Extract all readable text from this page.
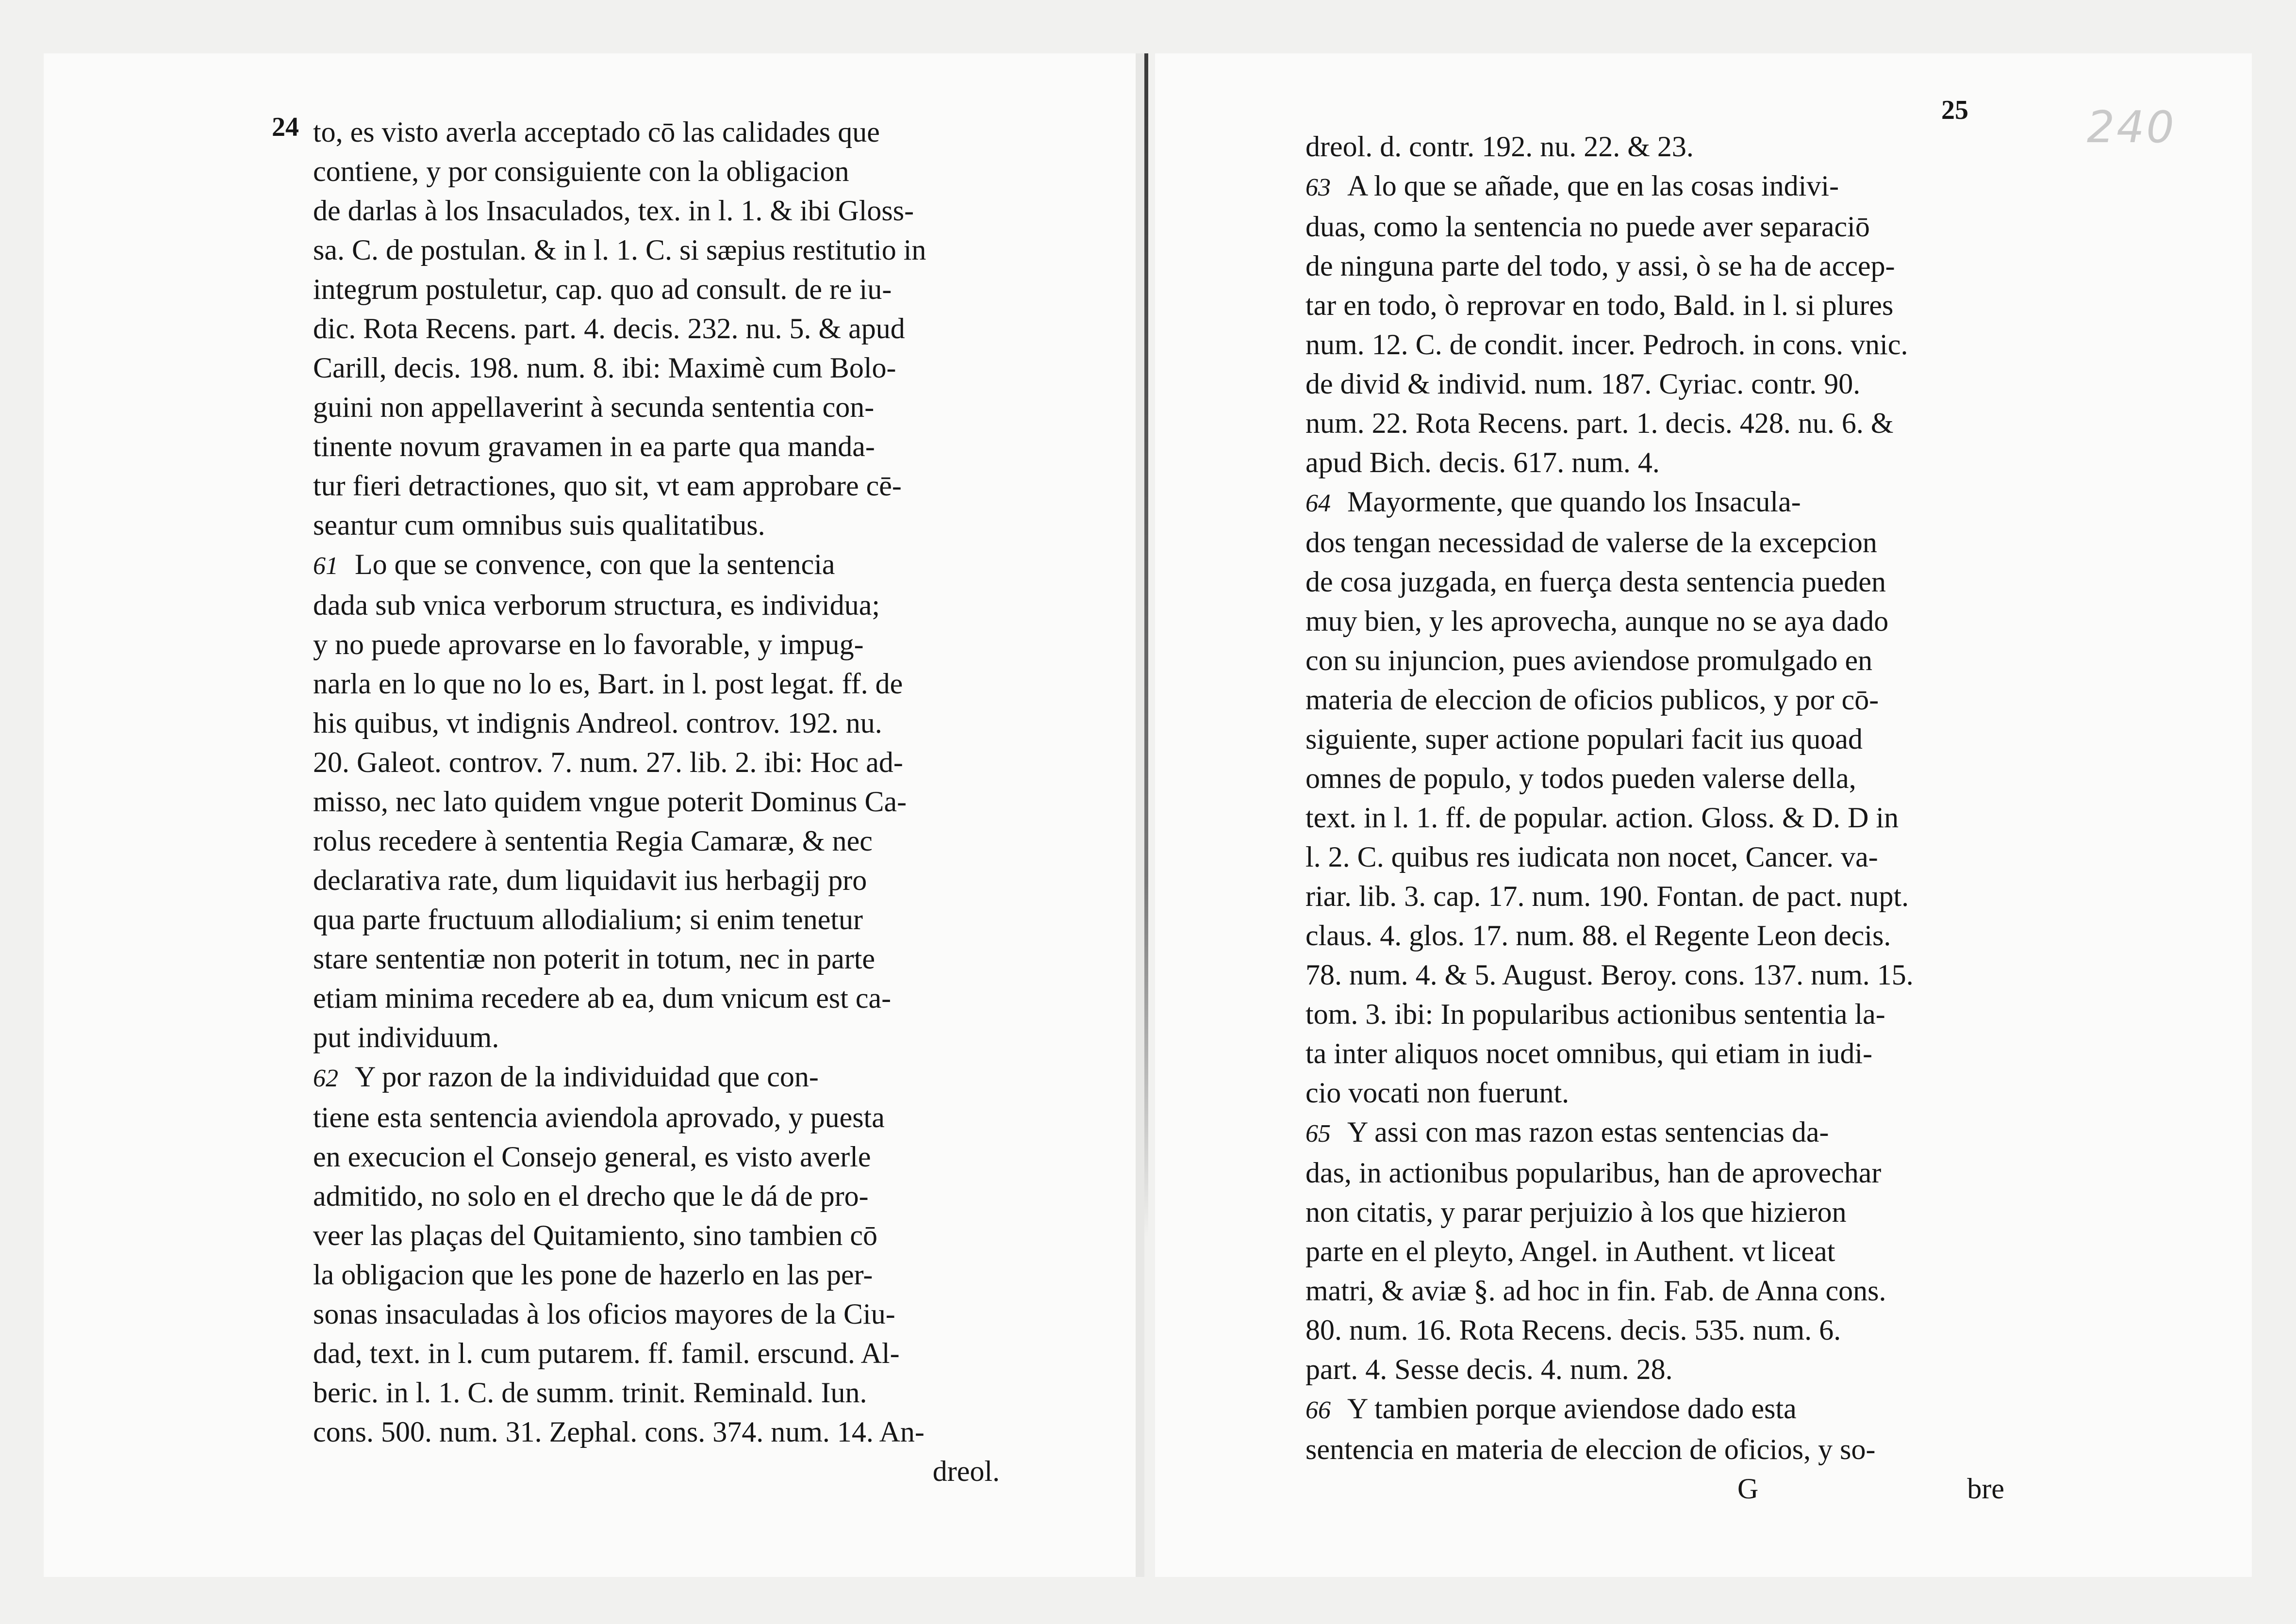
24
25	240
to, es visto averla acceptado cō las calidades que
contiene, y por consiguiente con la obligacion
de darlas à los Insaculados, tex. in l. 1. & ibi Gloss-
sa. C. de postulan. & in l. 1. C. si sæpius restitutio in
integrum postuletur, cap. quo ad consult. de re iu-
dic. Rota Recens. part. 4. decis. 232. nu. 5. & apud
Carill, decis. 198. num. 8. ibi: Maximè cum Bolo-
guini non appellaverint à secunda sententia con-
tinente novum gravamen in ea parte qua manda-
tur fieri detractiones, quo sit, vt eam approbare cē-
seantur cum omnibus suis qualitatibus.
61 Lo que se convence, con que la sentencia
dada sub vnica verborum structura, es individua;
y no puede aprovarse en lo favorable, y impug-
narla en lo que no lo es, Bart. in l. post legat. ff. de
his quibus, vt indignis Andreol. controv. 192. nu.
20. Galeot. controv. 7. num. 27. lib. 2. ibi: Hoc ad-
misso, nec lato quidem vngue poterit Dominus Ca-
rolus recedere à sententia Regia Camaræ, & nec
declarativa rate, dum liquidavit ius herbagij pro
qua parte fructuum allodialium; si enim tenetur
stare sententiæ non poterit in totum, nec in parte
etiam minima recedere ab ea, dum vnicum est ca-
put individuum.
62 Y por razon de la individuidad que con-
tiene esta sentencia aviendola aprovado, y puesta
en execucion el Consejo general, es visto averle
admitido, no solo en el drecho que le dá de pro-
veer las plaças del Quitamiento, sino tambien cō
la obligacion que les pone de hazerlo en las per-
sonas insaculadas à los oficios mayores de la Ciu-
dad, text. in l. cum putarem. ff. famil. erscund. Al-
beric. in l. 1. C. de summ. trinit. Reminald. Iun.
cons. 500. num. 31. Zephal. cons. 374. num. 14. An-
dreol.
dreol. d. contr. 192. nu. 22. & 23.
63 A lo que se añade, que en las cosas indivi-
duas, como la sentencia no puede aver separaciō
de ninguna parte del todo, y assi, ò se ha de accep-
tar en todo, ò reprovar en todo, Bald. in l. si plures
num. 12. C. de condit. incer. Pedroch. in cons. vnic.
de divid & individ. num. 187. Cyriac. contr. 90.
num. 22. Rota Recens. part. 1. decis. 428. nu. 6. &
apud Bich. decis. 617. num. 4.
64 Mayormente, que quando los Insacula-
dos tengan necessidad de valerse de la excepcion
de cosa juzgada, en fuerça desta sentencia pueden
muy bien, y les aprovecha, aunque no se aya dado
con su injuncion, pues aviendose promulgado en
materia de eleccion de oficios publicos, y por cō-
siguiente, super actione populari facit ius quoad
omnes de populo, y todos pueden valerse della,
text. in l. 1. ff. de popular. action. Gloss. & D. D in
l. 2. C. quibus res iudicata non nocet, Cancer. va-
riar. lib. 3. cap. 17. num. 190. Fontan. de pact. nupt.
claus. 4. glos. 17. num. 88. el Regente Leon decis.
78. num. 4. & 5. August. Beroy. cons. 137. num. 15.
tom. 3. ibi: In popularibus actionibus sententia la-
ta inter aliquos nocet omnibus, qui etiam in iudi-
cio vocati non fuerunt.
65 Y assi con mas razon estas sentencias da-
das, in actionibus popularibus, han de aprovechar
non citatis, y parar perjuizio à los que hizieron
parte en el pleyto, Angel. in Authent. vt liceat
matri, & aviæ §. ad hoc in fin. Fab. de Anna cons.
80. num. 16. Rota Recens. decis. 535. num. 6.
part. 4. Sesse decis. 4. num. 28.
66 Y tambien porque aviendose dado esta
sentencia en materia de eleccion de oficios, y so-
G	bre
